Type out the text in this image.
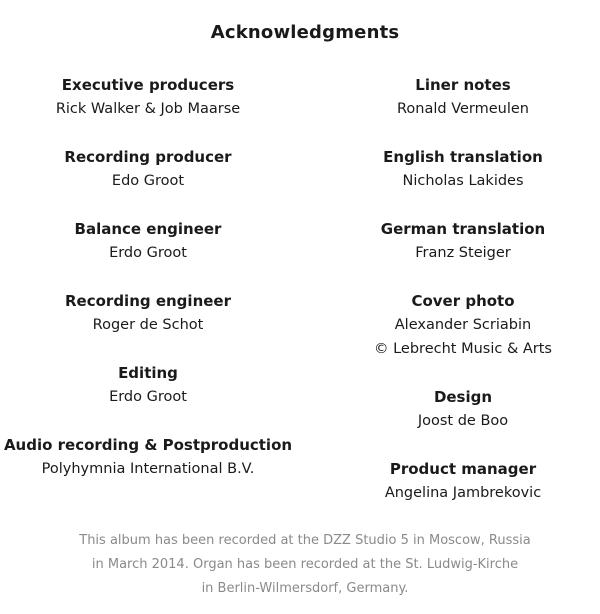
Acknowledgments
Executive producers
Rick Walker & Job Maarse
Recording producer
Edo Groot
Balance engineer
Erdo Groot
Recording engineer
Roger de Schot
Editing
Erdo Groot
Audio recording & Postproduction
Polyhymnia International B.V.
Liner notes
Ronald Vermeulen
English translation
Nicholas Lakides
German translation
Franz Steiger
Cover photo
Alexander Scriabin
© Lebrecht Music & Arts
Design
Joost de Boo
Product manager
Angelina Jambrekovic
This album has been recorded at the DZZ Studio 5 in Moscow, Russia
in March 2014. Organ has been recorded at the St. Ludwig-Kirche
in Berlin-Wilmersdorf, Germany.
